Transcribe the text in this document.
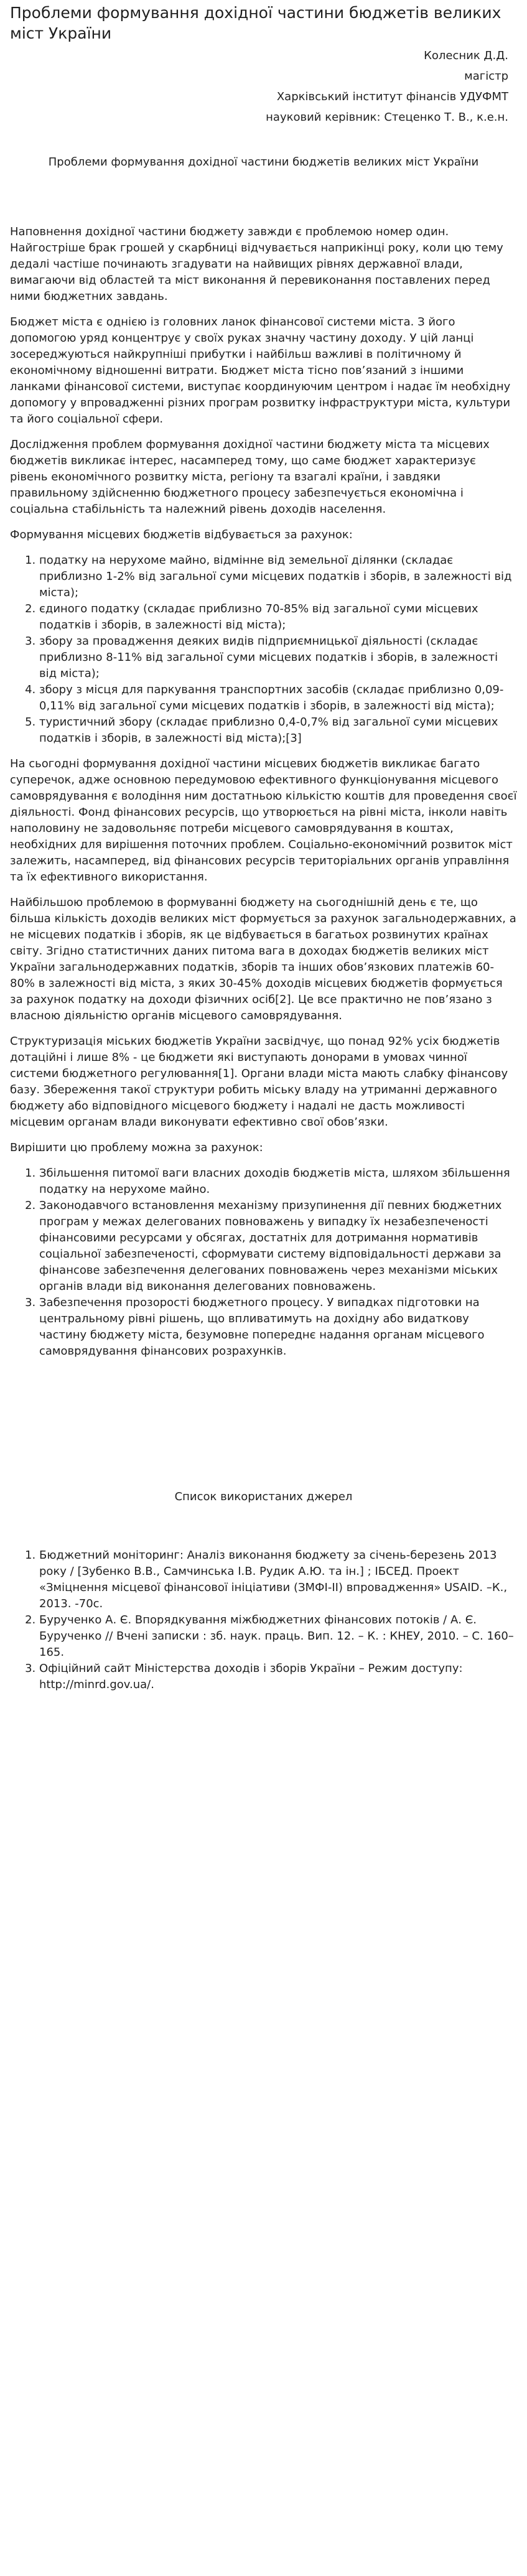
Проблеми формування дохідної частини бюджетів великих міст України
Колесник Д.Д.
магістр
Харківський інститут фінансів УДУФМТ
науковий керівник: Стеценко Т. В., к.е.н.
Проблеми формування дохідної частини бюджетів великих міст України

Наповнення дохідної частини бюджету завжди є проблемою номер один. Найгостріше брак грошей у скарбниці відчувається наприкінці року, коли цю тему дедалі частіше починають згадувати на найвищих рівнях державної влади, вимагаючи від областей та міст виконання й перевиконання поставлених перед ними бюджетних завдань.

Бюджет міста є однією із головних ланок фінансової системи міста. З його допомогою уряд концентрує у своїх руках значну частину доходу. У цій ланці зосереджуються найкрупніші прибутки і найбільш важливі в політичному й економічному відношенні витрати. Бюджет міста тісно пов’язаний з іншими ланками фінансової системи, виступає координуючим центром і надає їм необхідну допомогу у впровадженні різних програм розвитку інфраструктури міста, культури та його соціальної сфери.

Дослідження проблем формування дохідної частини бюджету міста та місцевих бюджетів викликає інтерес, насамперед тому, що саме бюджет характеризує рівень економічного розвитку міста, регіону та взагалі країни, і завдяки правильному здійсненню бюджетного процесу забезпечується економічна і соціальна стабільність та належний рівень доходів населення.

Формування місцевих бюджетів відбувається за рахунок:

1. податку на нерухоме майно, відмінне від земельної ділянки (складає приблизно 1-2% від загальної суми місцевих податків і зборів, в залежності від міста);
2. єдиного податку (складає приблизно 70-85% від загальної суми місцевих податків і зборів, в залежності від міста);
3. збору за провадження деяких видів підприємницької діяльності (складає приблизно 8-11% від загальної суми місцевих податків і зборів, в залежності від міста);
4. збору з місця для паркування транспортних засобів (складає приблизно 0,09-0,11% від загальної суми місцевих податків і зборів, в залежності від міста);
5. туристичний збору (складає приблизно 0,4-0,7% від загальної суми місцевих податків і зборів, в залежності від міста);[3]

На сьогодні формування дохідної частини місцевих бюджетів викликає багато суперечок, адже основною передумовою ефективного функціонування місцевого самоврядування є володіння ним достатньою кількістю коштів для проведення своєї діяльності. Фонд фінансових ресурсів, що утворюється на рівні міста, інколи навіть наполовину не задовольняє потреби місцевого самоврядування в коштах, необхідних для вирішення поточних проблем. Соціально-економічний розвиток міст залежить, насамперед, від фінансових ресурсів територіальних органів управління та їх ефективного використання.

Найбільшою проблемою в формуванні бюджету на сьогоднішній день є те, що більша кількість доходів великих міст формується за рахунок загальнодержавних, а не місцевих податків і зборів, як це відбувається в багатьох розвинутих країнах світу. Згідно статистичних даних питома вага в доходах бюджетів великих міст України загальнодержавних податків, зборів та інших обов’язкових платежів 60-80% в залежності від міста, з яких 30-45% доходів місцевих бюджетів формується за рахунок податку на доходи фізичних осіб[2]. Це все практично не пов’язано з власною діяльністю органів місцевого самоврядування.

Структуризація міських бюджетів України засвідчує, що понад 92% усіх бюджетів дотаційні і лише 8% - це бюджети які виступають донорами в умовах чинної системи бюджетного регулювання[1]. Органи влади міста мають слабку фінансову базу. Збереження такої структури робить міську владу на утриманні державного бюджету або відповідного місцевого бюджету і надалі не дасть можливості місцевим органам влади виконувати ефективно свої обов’язки.

Вирішити цю проблему можна за рахунок:

1. Збільшення питомої ваги власних доходів бюджетів міста, шляхом збільшення податку на нерухоме майно.
2. Законодавчого встановлення механізму призупинення дії певних бюджетних програм у межах делегованих повноважень у випадку їх незабезпеченості фінансовими ресурсами у обсягах, достатніх для дотримання нормативів соціальної забезпеченості, сформувати систему відповідальності держави за фінансове забезпечення делегованих повноважень через механізми міських органів влади від виконання делегованих повноважень.
3. Забезпечення прозорості бюджетного процесу. У випадках підготовки на центральному рівні рішень, що впливатимуть на дохідну або видаткову частину бюджету міста, безумовне попереднє надання органам місцевого самоврядування фінансових розрахунків.
Список використаних джерел
1. Бюджетний моніторинг: Аналіз виконання бюджету за січень-березень 2013 року / [Зубенко В.В., Самчинська І.В. Рудик А.Ю. та ін.] ; ІБСЕД. Проект «Зміцнення місцевої фінансової ініціативи (ЗМФІ-ІІ) впровадження» USAID. –К., 2013. -70с.
2. Бурученко А. Є. Впорядкування міжбюджетних фінансових потоків / А. Є. Бурученко // Вчені записки : зб. наук. праць. Вип. 12. – К. : КНЕУ, 2010. – С. 160–165.
3. Офіційний сайт Міністерства доходів і зборів України – Режим доступу: http://minrd.gov.ua/.
